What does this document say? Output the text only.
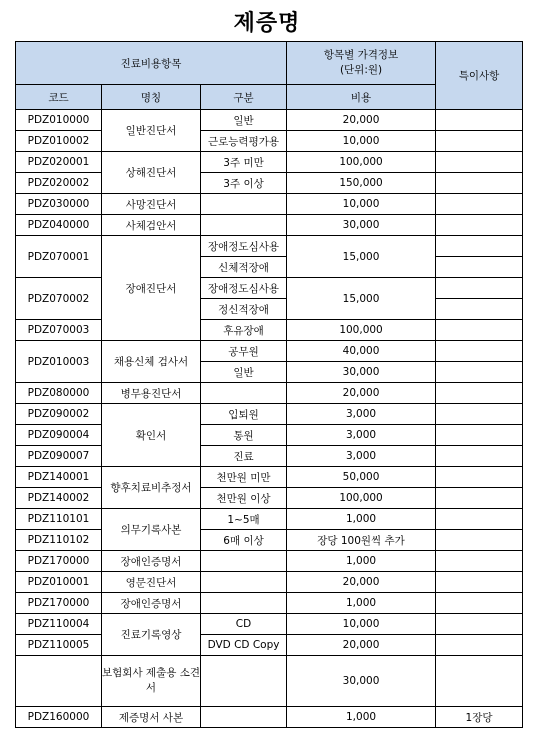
제증명
진료비용항목			항목별 가격정보
(단위:원)	특이사항
코드	명칭	구분	비용	
PDZ010000	일반진단서	일반	20,000	
PDZ010002		근로능력평가용	10,000	
PDZ020001	상해진단서	3주 미만	100,000	
PDZ020002		3주 이상	150,000	
PDZ030000	사망진단서		10,000	
PDZ040000	사체검안서		30,000	
PDZ070001	장애진단서	장애정도심사용	15,000	
		신체적장애		
PDZ070002		장애정도심사용	15,000	
		정신적장애		
PDZ070003		후유장애	100,000	
PDZ010003	채용신체 검사서	공무원	40,000	
		일반	30,000	
PDZ080000	병무용진단서		20,000	
PDZ090002	확인서	입퇴원	3,000	
PDZ090004		통원	3,000	
PDZ090007		진료	3,000	
PDZ140001	향후치료비추정서	천만원 미만	50,000	
PDZ140002		천만원 이상	100,000	
PDZ110101	의무기록사본	1~5매	1,000	
PDZ110102		6매 이상	장당 100원씩 추가	
PDZ170000	장애인증명서		1,000	
PDZ010001	영문진단서		20,000	
PDZ170000	장애인증명서		1,000	
PDZ110004	진료기록영상	CD	10,000	
PDZ110005		DVD CD Copy	20,000	
	보험회사 제출용 소견서		30,000	
PDZ160000	제증명서 사본		1,000	1장당
